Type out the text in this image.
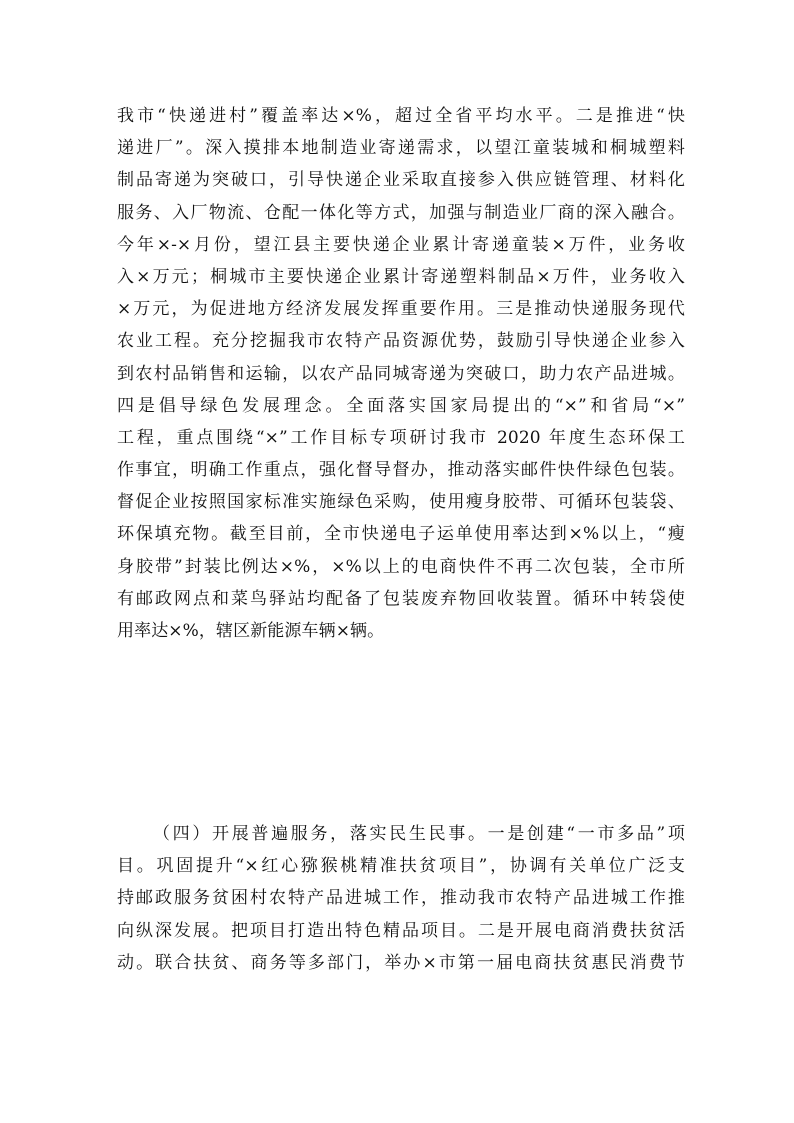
我市“快递进村”覆盖率达×%，超过全省平均水平。二是推进“快
递进厂”。深入摸排本地制造业寄递需求，以望江童装城和桐城塑料
制品寄递为突破口，引导快递企业采取直接参入供应链管理、材料化
服务、入厂物流、仓配一体化等方式，加强与制造业厂商的深入融合。
今年×-×月份，望江县主要快递企业累计寄递童装×万件，业务收
入×万元；桐城市主要快递企业累计寄递塑料制品×万件，业务收入
×万元，为促进地方经济发展发挥重要作用。三是推动快递服务现代
农业工程。充分挖掘我市农特产品资源优势，鼓励引导快递企业参入
到农村品销售和运输，以农产品同城寄递为突破口，助力农产品进城。
四是倡导绿色发展理念。全面落实国家局提出的“×”和省局“×”
工程，重点围绕“×”工作目标专项研讨我市 2020 年度生态环保工
作事宜，明确工作重点，强化督导督办，推动落实邮件快件绿色包装。
督促企业按照国家标准实施绿色采购，使用瘦身胶带、可循环包装袋、
环保填充物。截至目前，全市快递电子运单使用率达到×%以上，“瘦
身胶带”封装比例达×%，×%以上的电商快件不再二次包装，全市所
有邮政网点和菜鸟驿站均配备了包装废弃物回收装置。循环中转袋使
用率达×%，辖区新能源车辆×辆。
（四）开展普遍服务，落实民生民事。一是创建“一市多品”项
目。巩固提升“×红心猕猴桃精准扶贫项目”，协调有关单位广泛支
持邮政服务贫困村农特产品进城工作，推动我市农特产品进城工作推
向纵深发展。把项目打造出特色精品项目。二是开展电商消费扶贫活
动。联合扶贫、商务等多部门，举办×市第一届电商扶贫惠民消费节
